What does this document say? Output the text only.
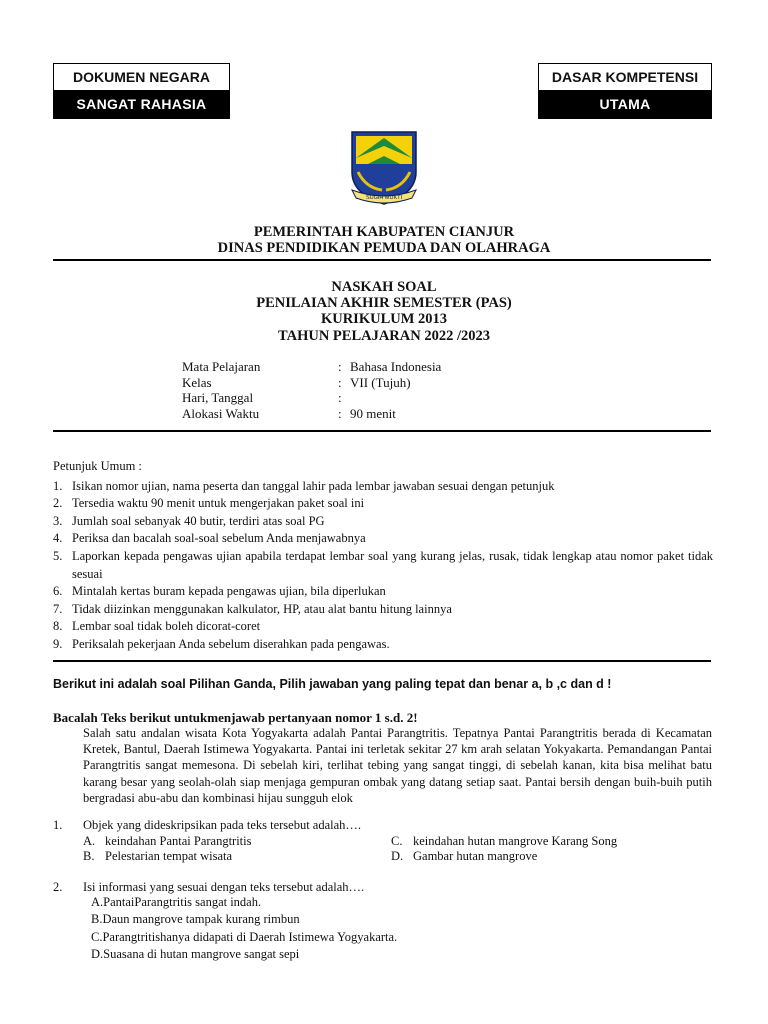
DOKUMEN NEGARA
SANGAT RAHASIA
DASAR KOMPETENSI
UTAMA
SUGIH MUKTI
PEMERINTAH KABUPATEN CIANJUR
DINAS PENDIDIKAN PEMUDA DAN OLAHRAGA
NASKAH SOAL
PENILAIAN AKHIR SEMESTER (PAS)
KURIKULUM 2013
TAHUN PELAJARAN 2022 /2023
Mata Pelajaran	: Bahasa Indonesia
Kelas	: VII (Tujuh)
Hari, Tanggal	:
Alokasi Waktu	: 90 menit
Petunjuk Umum :
1. Isikan nomor ujian, nama peserta dan tanggal lahir pada lembar jawaban sesuai dengan petunjuk
2. Tersedia waktu 90 menit untuk mengerjakan paket soal ini
3. Jumlah soal sebanyak 40 butir, terdiri atas soal PG
4. Periksa dan bacalah soal-soal sebelum Anda menjawabnya
5. Laporkan kepada pengawas ujian apabila terdapat lembar soal yang kurang jelas, rusak, tidak lengkap atau nomor paket tidak sesuai
6. Mintalah kertas buram kepada pengawas ujian, bila diperlukan
7. Tidak diizinkan menggunakan kalkulator, HP, atau alat bantu hitung lainnya
8. Lembar soal tidak boleh dicorat-coret
9. Periksalah pekerjaan Anda sebelum diserahkan pada pengawas.
Berikut ini adalah soal Pilihan Ganda, Pilih jawaban yang paling tepat dan benar a, b ,c dan d !
Bacalah Teks berikut untukmenjawab pertanyaan nomor 1 s.d. 2!
Salah satu andalan wisata Kota Yogyakarta adalah Pantai Parangtritis. Tepatnya Pantai Parangtritis berada di Kecamatan Kretek, Bantul, Daerah Istimewa Yogyakarta. Pantai ini terletak sekitar 27 km arah selatan Yokyakarta. Pemandangan Pantai Parangtritis sangat memesona. Di sebelah kiri, terlihat tebing yang sangat tinggi, di sebelah kanan, kita bisa melihat batu karang besar yang seolah-olah siap menjaga gempuran ombak yang datang setiap saat. Pantai bersih dengan buih-buih putih bergradasi abu-abu dan kombinasi hijau sungguh elok
1. Objek yang dideskripsikan pada teks tersebut adalah….
A. keindahan Pantai Parangtritis
B. Pelestarian tempat wisata
C. keindahan hutan mangrove Karang Song
D. Gambar hutan mangrove
2. Isi informasi yang sesuai dengan teks tersebut adalah….
A.PantaiParangtritis sangat indah.
B.Daun mangrove tampak kurang rimbun
C.Parangtritishanya didapati di Daerah Istimewa Yogyakarta.
D.Suasana di hutan mangrove sangat sepi
